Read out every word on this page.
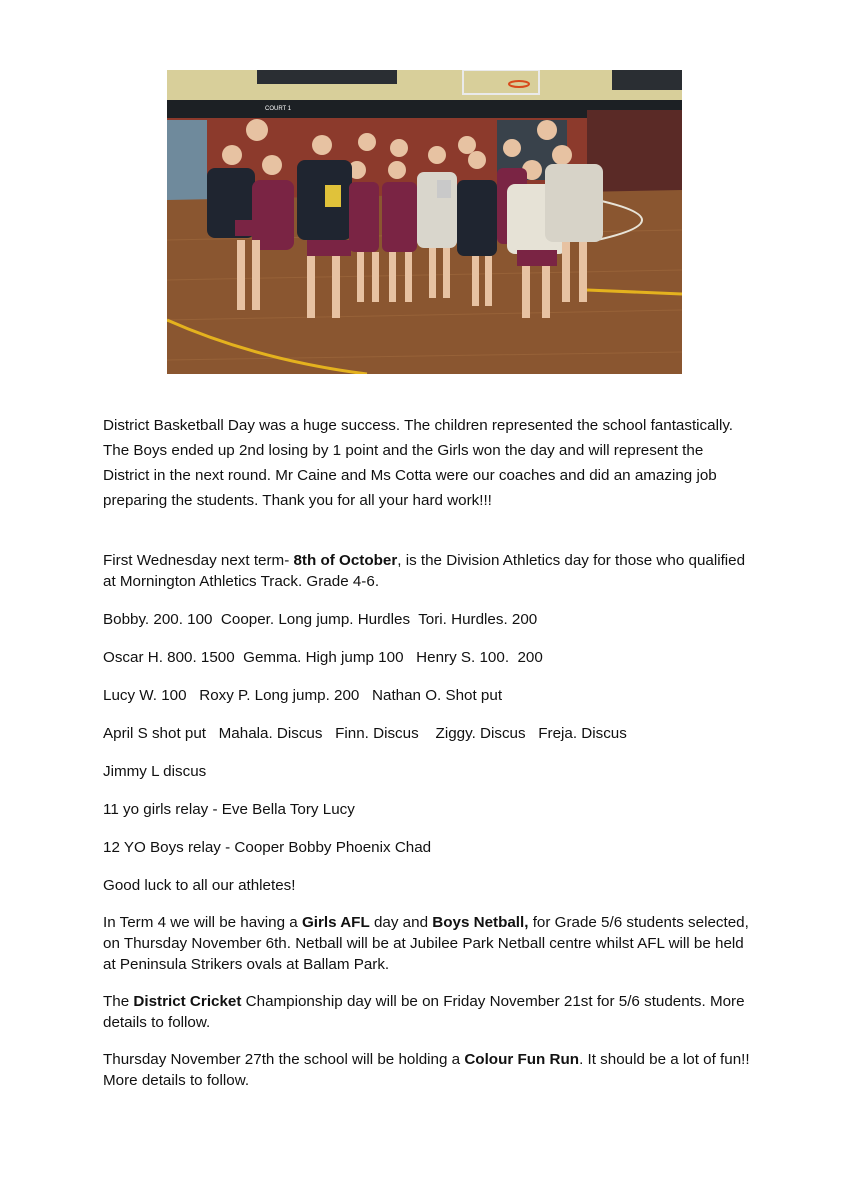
COURT 1

District Basketball Day was a huge success. The children represented the school fantastically. The Boys ended up 2nd losing by 1 point and the Girls won the day and will represent the District in the next round. Mr Caine and Ms Cotta were our coaches and did an amazing job preparing the students. Thank you for all your hard work!!!

First Wednesday next term- 8th of October, is the Division Athletics day for those who qualified at Mornington Athletics Track. Grade 4-6.

Bobby. 200. 100  Cooper. Long jump. Hurdles  Tori. Hurdles. 200

Oscar H. 800. 1500  Gemma. High jump 100   Henry S. 100.  200

Lucy W. 100   Roxy P. Long jump. 200   Nathan O. Shot put

April S shot put   Mahala. Discus   Finn. Discus    Ziggy. Discus   Freja. Discus

Jimmy L discus

11 yo girls relay - Eve Bella Tory Lucy

12 YO Boys relay - Cooper Bobby Phoenix Chad

Good luck to all our athletes!

In Term 4 we will be having a Girls AFL day and Boys Netball, for Grade 5/6 students selected, on Thursday November 6th. Netball will be at Jubilee Park Netball centre whilst AFL will be held at Peninsula Strikers ovals at Ballam Park.

The District Cricket Championship day will be on Friday November 21st for 5/6 students. More details to follow.

Thursday November 27th the school will be holding a Colour Fun Run. It should be a lot of fun!! More details to follow.
